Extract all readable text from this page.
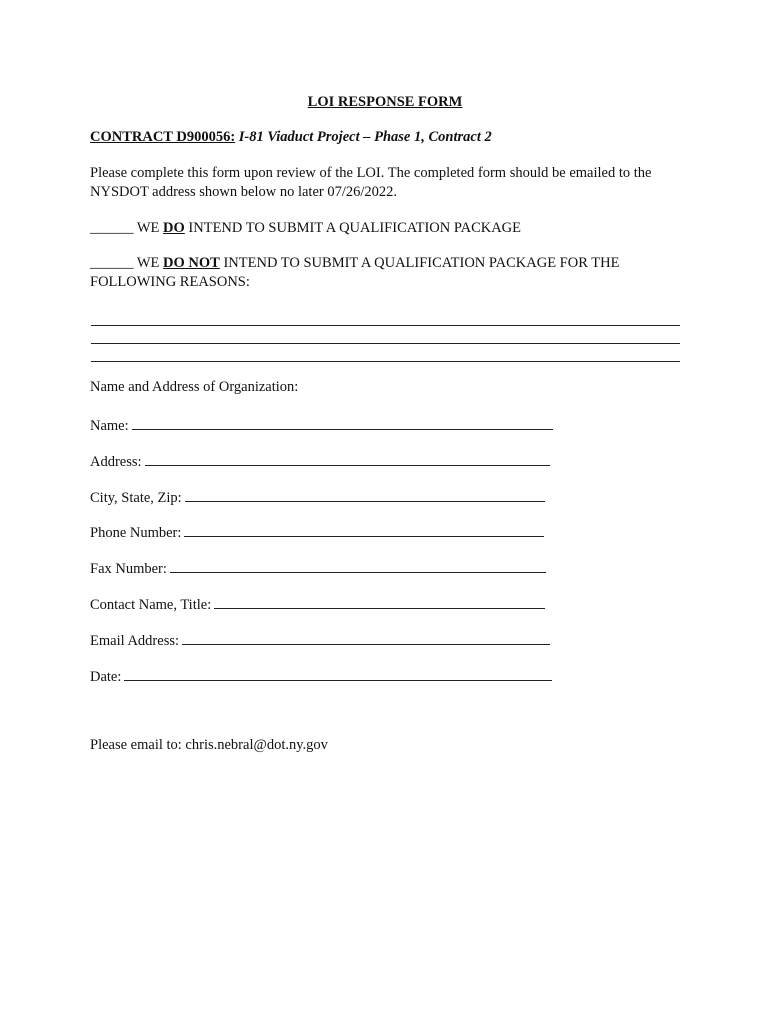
LOI RESPONSE FORM
CONTRACT D900056: I-81 Viaduct Project – Phase 1, Contract 2
Please complete this form upon review of the LOI. The completed form should be emailed to the
NYSDOT address shown below no later 07/26/2022.
______ WE DO INTEND TO SUBMIT A QUALIFICATION PACKAGE
______ WE DO NOT INTEND TO SUBMIT A QUALIFICATION PACKAGE FOR THE FOLLOWING REASONS:
Name and Address of Organization:
Name:
Address:
City, State, Zip:
Phone Number:
Fax Number:
Contact Name, Title:
Email Address:
Date:
Please email to: chris.nebral@dot.ny.gov
